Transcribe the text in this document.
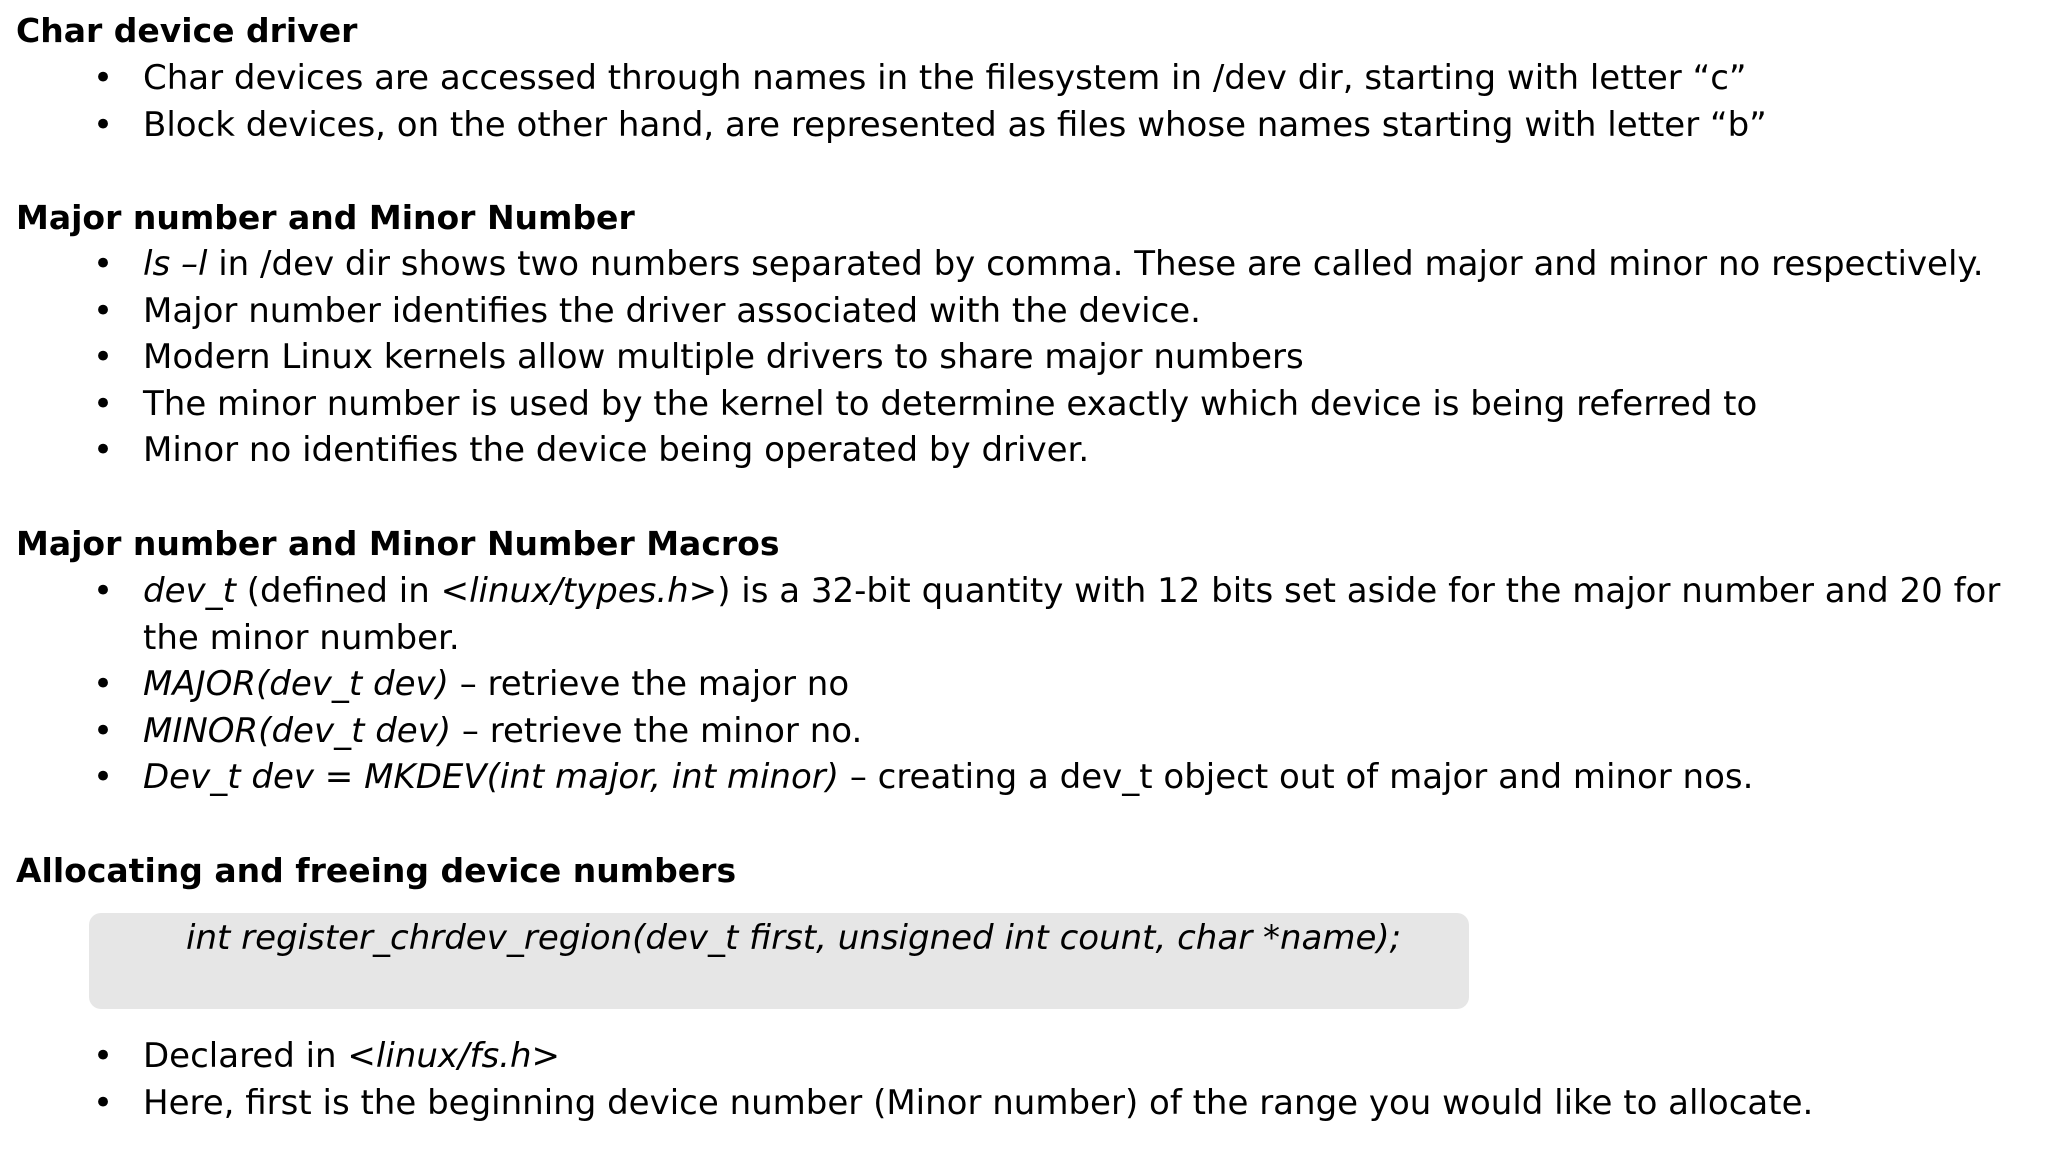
Char device driver
• Char devices are accessed through names in the filesystem in /dev dir, starting with letter “c”
• Block devices, on the other hand, are represented as files whose names starting with letter “b”
Major number and Minor Number
• ls –l in /dev dir shows two numbers separated by comma. These are called major and minor no respectively.
• Major number identifies the driver associated with the device.
• Modern Linux kernels allow multiple drivers to share major numbers
• The minor number is used by the kernel to determine exactly which device is being referred to
• Minor no identifies the device being operated by driver.
Major number and Minor Number Macros
• dev_t (defined in <linux/types.h>) is a 32-bit quantity with 12 bits set aside for the major number and 20 for the minor number.
• MAJOR(dev_t dev) – retrieve the major no
• MINOR(dev_t dev) – retrieve the minor no.
• Dev_t dev = MKDEV(int major, int minor) – creating a dev_t object out of major and minor nos.
Allocating and freeing device numbers
int register_chrdev_region(dev_t first, unsigned int count, char *name);
• Declared in <linux/fs.h>
• Here, first is the beginning device number (Minor number) of the range you would like to allocate.
